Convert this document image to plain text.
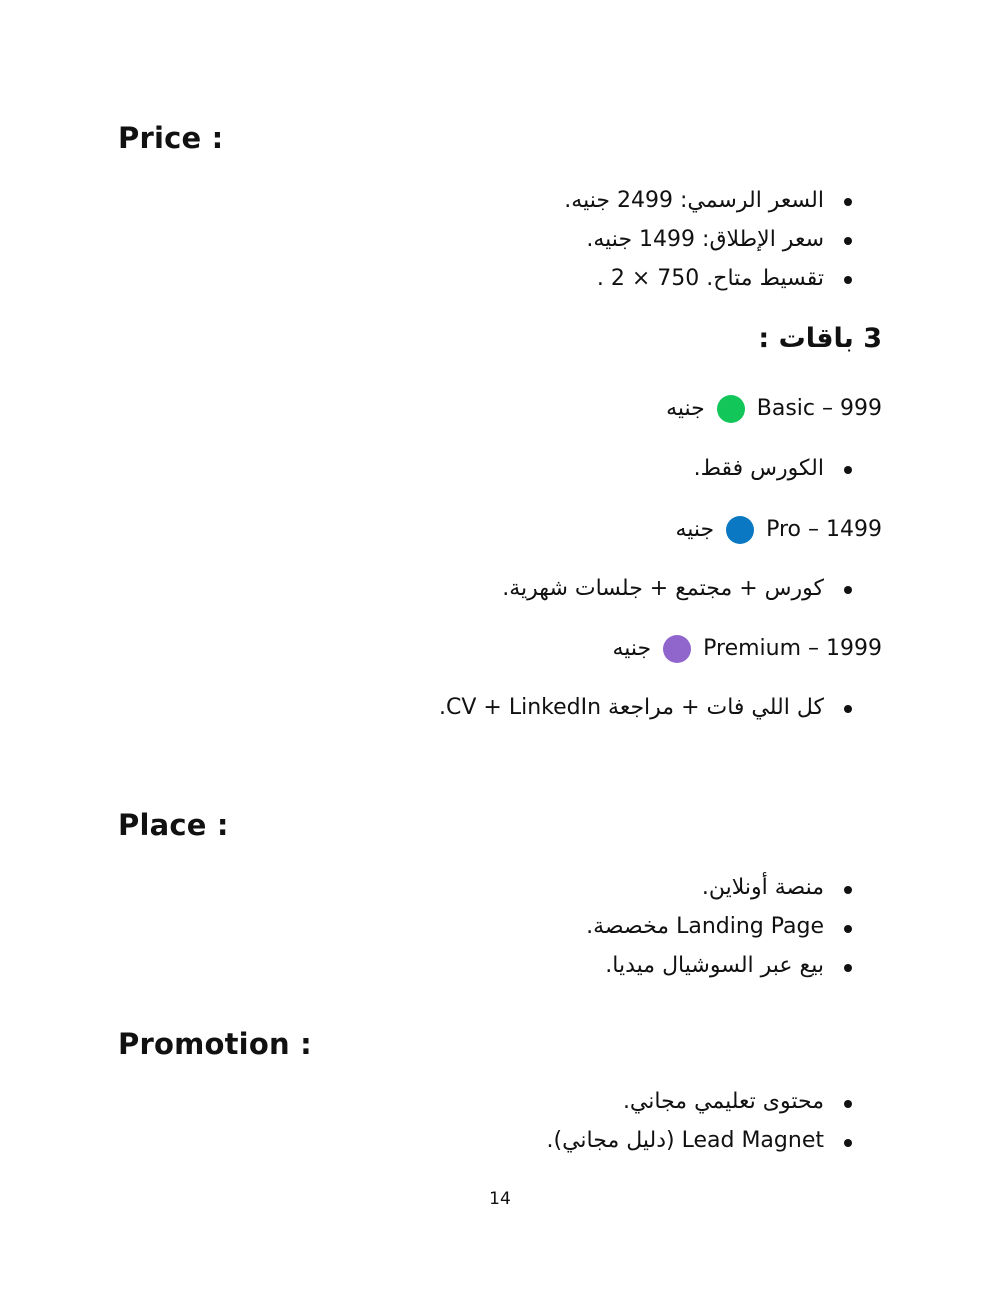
Price :
السعر الرسمي: 2499 جنيه.
سعر الإطلاق: 1499 جنيه.
تقسيط متاح. 750 × 2 .
3 باقات :
جنيه Basic – 999
الكورس فقط.
جنيه Pro – 1499
كورس + مجتمع + جلسات شهرية.
جنيه Premium – 1999
كل اللي فات + مراجعة CV + LinkedIn.
Place :
منصة أونلاين.
Landing Page مخصصة.
بيع عبر السوشيال ميديا.
Promotion :
محتوى تعليمي مجاني.
Lead Magnet (دليل مجاني).
14
